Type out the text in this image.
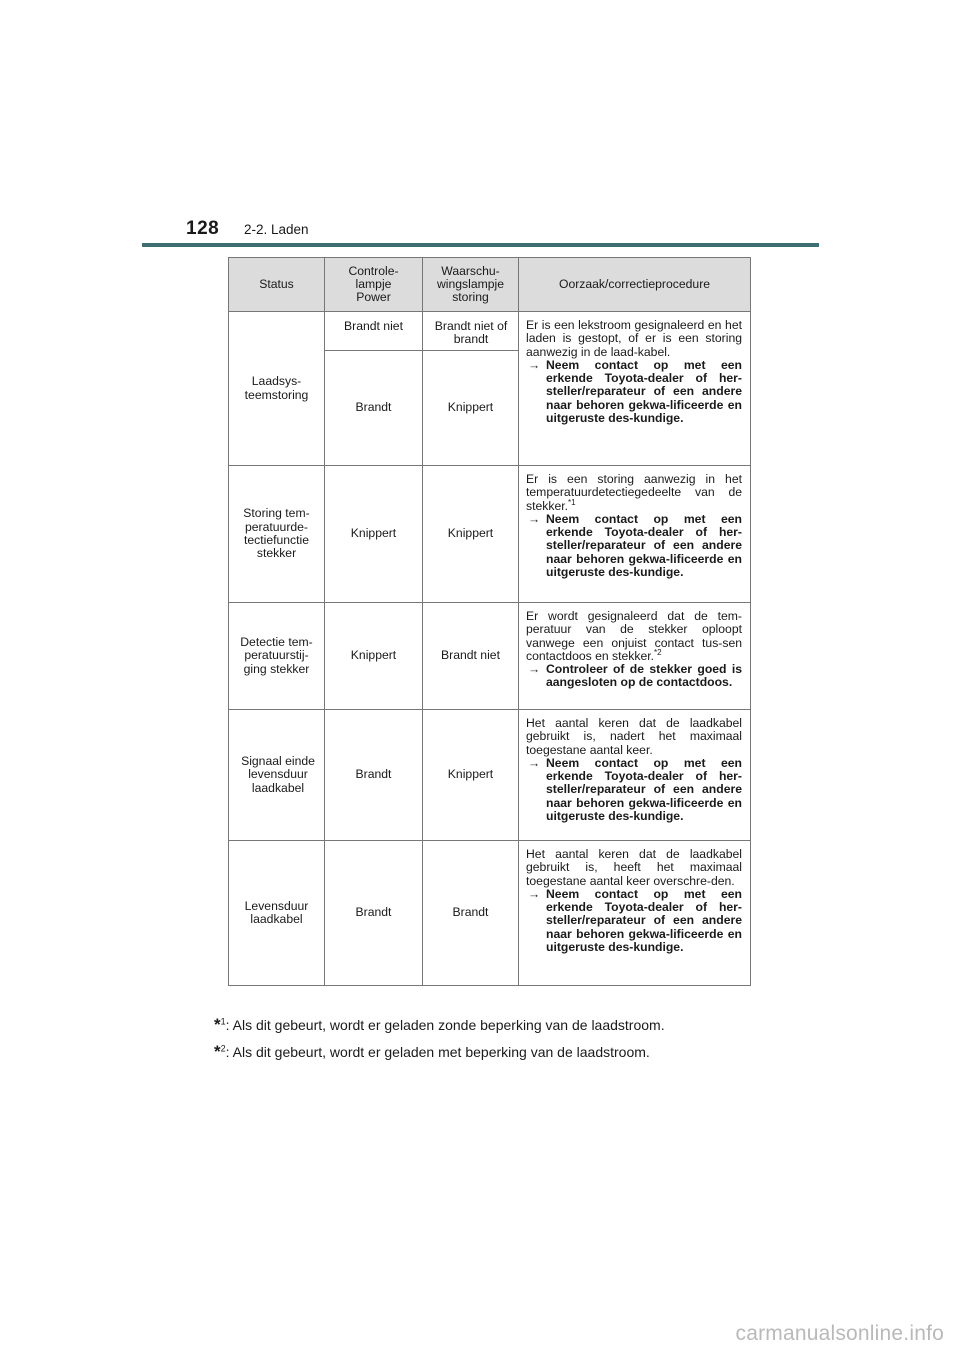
128 2-2. Laden
Status	Controle-lampje Power	Waarschu-wingslampje storing	Oorzaak/correctieprocedure

Laadsys-teemstoring	Brandt niet	Brandt niet of brandt	Er is een lekstroom gesignaleerd en het laden is gestopt, of er is een storing aanwezig in de laad-kabel.
→ Neem contact op met een erkende Toyota-dealer of her-steller/reparateur of een andere naar behoren gekwa-lificeerde en uitgeruste des-kundige.

	Brandt	Knippert	

Storing tem-peratuurde-tectiefunctie stekker	Knippert	Knippert	Er is een storing aanwezig in het temperatuurdetectiegedeelte van de stekker.$^{*1}$
→ Neem contact op met een erkende Toyota-dealer of her-steller/reparateur of een andere naar behoren gekwa-lificeerde en uitgeruste des-kundige.

Detectie tem-peratuurstij-ging stekker	Knippert	Brandt niet	Er wordt gesignaleerd dat de tem-peratuur van de stekker oploopt vanwege een onjuist contact tus-sen contactdoos en stekker.$^{*2}$
→ Controleer of de stekker goed is aangesloten op de contactdoos.

Signaal einde levensduur laadkabel	Brandt	Knippert	Het aantal keren dat de laadkabel gebruikt is, nadert het maximaal toegestane aantal keer.
→ Neem contact op met een erkende Toyota-dealer of her-steller/reparateur of een andere naar behoren gekwa-lificeerde en uitgeruste des-kundige.

Levensduur laadkabel	Brandt	Brandt	Het aantal keren dat de laadkabel gebruikt is, heeft het maximaal toegestane aantal keer overschre-den.
→ Neem contact op met een erkende Toyota-dealer of her-steller/reparateur of een andere naar behoren gekwa-lificeerde en uitgeruste des-kundige.
*$^1$: Als dit gebeurt, wordt er geladen zonde beperking van de laadstroom.
*$^2$: Als dit gebeurt, wordt er geladen met beperking van de laadstroom.
carmanualsonline.info
